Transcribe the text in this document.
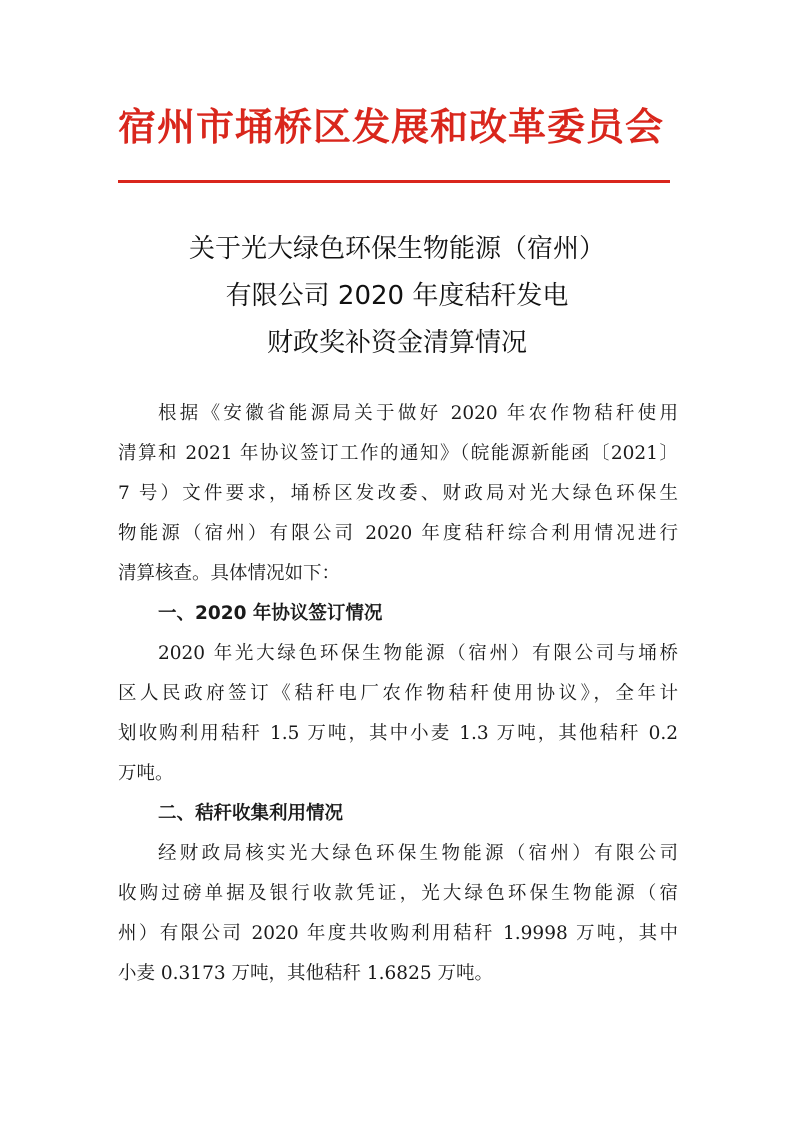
宿州市埇桥区发展和改革委员会
关于光大绿色环保生物能源（宿州）
有限公司 2020 年度秸秆发电
财政奖补资金清算情况
根据《安徽省能源局关于做好 2020 年农作物秸秆使用
清算和 2021 年协议签订工作的通知》（皖能源新能函〔2021〕
7 号）文件要求，埇桥区发改委、财政局对光大绿色环保生
物能源（宿州）有限公司 2020 年度秸秆综合利用情况进行
清算核查。具体情况如下：
一、2020 年协议签订情况
2020 年光大绿色环保生物能源（宿州）有限公司与埇桥
区人民政府签订《秸秆电厂农作物秸秆使用协议》，全年计
划收购利用秸秆 1.5 万吨，其中小麦 1.3 万吨，其他秸秆 0.2
万吨。
二、秸秆收集利用情况
经财政局核实光大绿色环保生物能源（宿州）有限公司
收购过磅单据及银行收款凭证，光大绿色环保生物能源（宿
州）有限公司 2020 年度共收购利用秸秆 1.9998 万吨，其中
小麦 0.3173 万吨，其他秸秆 1.6825 万吨。
